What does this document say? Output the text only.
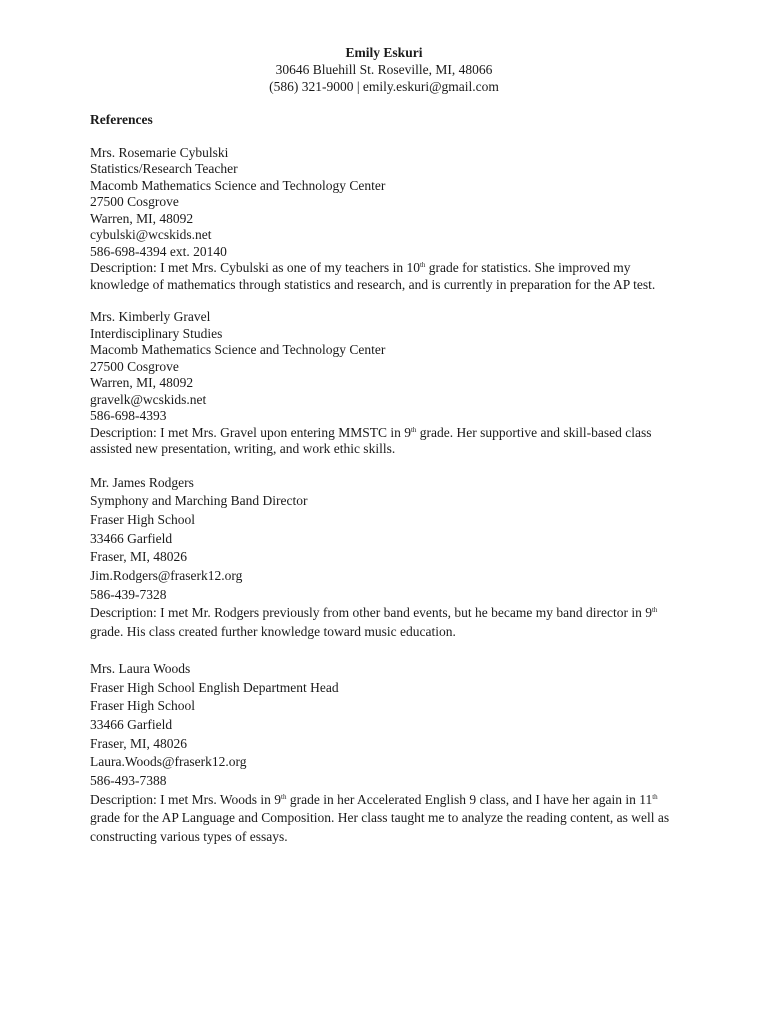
Emily Eskuri
30646 Bluehill St. Roseville, MI, 48066
(586) 321-9000 | emily.eskuri@gmail.com
References
Mrs. Rosemarie Cybulski
Statistics/Research Teacher
Macomb Mathematics Science and Technology Center
27500 Cosgrove
Warren, MI, 48092
cybulski@wcskids.net
586-698-4394 ext. 20140
Description: I met Mrs. Cybulski as one of my teachers in 10th grade for statistics. She improved my knowledge of mathematics through statistics and research, and is currently in preparation for the AP test.
Mrs. Kimberly Gravel
Interdisciplinary Studies
Macomb Mathematics Science and Technology Center
27500 Cosgrove
Warren, MI, 48092
gravelk@wcskids.net
586-698-4393
Description: I met Mrs. Gravel upon entering MMSTC in 9th grade. Her supportive and skill-based class assisted new presentation, writing, and work ethic skills.
Mr. James Rodgers
Symphony and Marching Band Director
Fraser High School
33466 Garfield
Fraser, MI, 48026
Jim.Rodgers@fraserk12.org
586-439-7328
Description: I met Mr. Rodgers previously from other band events, but he became my band director in 9th grade. His class created further knowledge toward music education.
Mrs. Laura Woods
Fraser High School English Department Head
Fraser High School
33466 Garfield
Fraser, MI, 48026
Laura.Woods@fraserk12.org
586-493-7388
Description: I met Mrs. Woods in 9th grade in her Accelerated English 9 class, and I have her again in 11th grade for the AP Language and Composition. Her class taught me to analyze the reading content, as well as constructing various types of essays.
